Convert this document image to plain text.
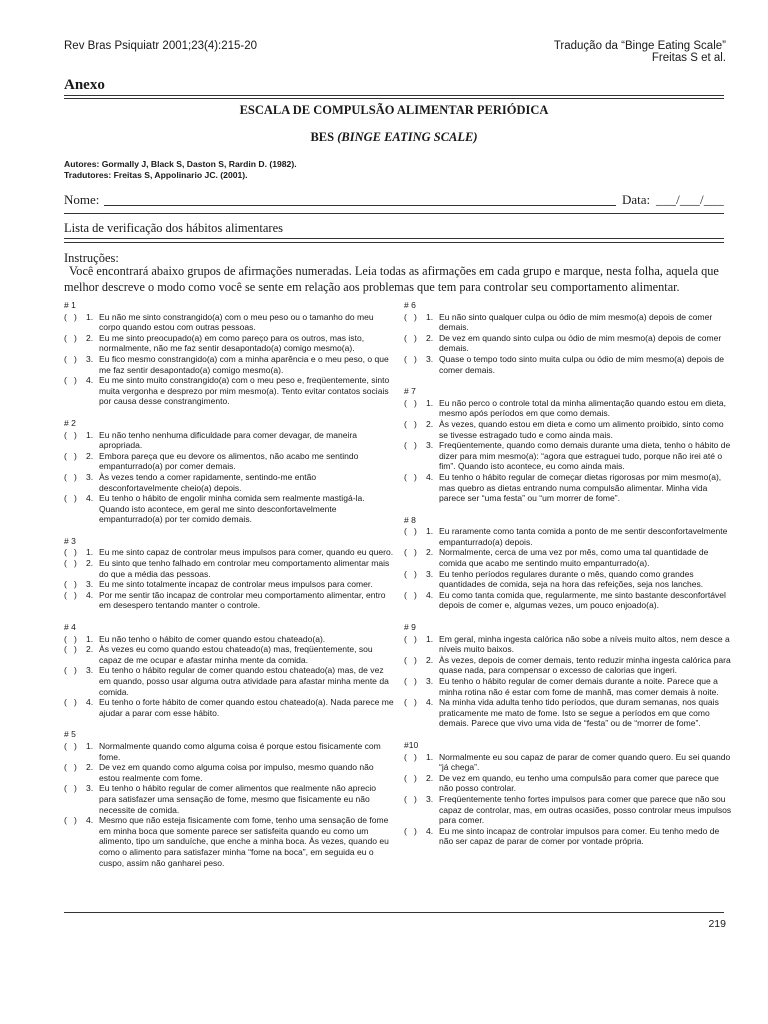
Rev Bras Psiquiatr 2001;23(4):215-20	Tradução da “Binge Eating Scale”
Freitas S et al.
Anexo
ESCALA DE COMPULSÃO ALIMENTAR PERIÓDICA
BES (BINGE EATING SCALE)
Autores: Gormally J, Black S, Daston S, Rardin D. (1982).
Tradutores: Freitas S, Appolinario JC. (2001).
Nome:	Data: ___/___/___
Lista de verificação dos hábitos alimentares
Instruções:
Você encontrará abaixo grupos de afirmações numeradas. Leia todas as afirmações em cada grupo e marque, nesta folha, aquela que melhor descreve o modo como você se sente em relação aos problemas que tem para controlar seu comportamento alimentar.
# 1
(   )	1. Eu não me sinto constrangido(a) com o meu peso ou o tamanho do meu corpo quando estou com outras pessoas.
(   )	2. Eu me sinto preocupado(a) em como pareço para os outros, mas isto, normalmente, não me faz sentir desapontado(a) comigo mesmo(a).
(   )	3. Eu fico mesmo constrangido(a) com a minha aparência e o meu peso, o que me faz sentir desapontado(a) comigo mesmo(a).
(   )	4. Eu me sinto muito constrangido(a) com o meu peso e, freqüentemente, sinto muita vergonha e desprezo por mim mesmo(a). Tento evitar contatos sociais por causa desse constrangimento.
# 2
(   )	1. Eu não tenho nenhuma dificuldade para comer devagar, de maneira apropriada.
(   )	2. Embora pareça que eu devore os alimentos, não acabo me sentindo empanturrado(a) por comer demais.
(   )	3. Às vezes tendo a comer rapidamente, sentindo-me então desconfortavelmente cheio(a) depois.
(   )	4. Eu tenho o hábito de engolir minha comida sem realmente mastigá-la. Quando isto acontece, em geral me sinto desconfortavelmente empanturrado(a) por ter comido demais.
# 3
(   )	1. Eu me sinto capaz de controlar meus impulsos para comer, quando eu quero.
(   )	2. Eu sinto que tenho falhado em controlar meu comportamento alimentar mais do que a média das pessoas.
(   )	3. Eu me sinto totalmente incapaz de controlar meus impulsos para comer.
(   )	4. Por me sentir tão incapaz de controlar meu comportamento alimentar, entro em desespero tentando manter o controle.
# 4
(   )	1. Eu não tenho o hábito de comer quando estou chateado(a).
(   )	2. Às vezes eu como quando estou chateado(a) mas, freqüentemente, sou capaz de me ocupar e afastar minha mente da comida.
(   )	3. Eu tenho o hábito regular de comer quando estou chateado(a) mas, de vez em quando, posso usar alguma outra atividade para afastar minha mente da comida.
(   )	4. Eu tenho o forte hábito de comer quando estou chateado(a). Nada parece me ajudar a parar com esse hábito.
# 5
(   )	1. Normalmente quando como alguma coisa é porque estou fisicamente com fome.
(   )	2. De vez em quando como alguma coisa por impulso, mesmo quando não estou realmente com fome.
(   )	3. Eu tenho o hábito regular de comer alimentos que realmente não aprecio para satisfazer uma sensação de fome, mesmo que fisicamente eu não necessite de comida.
(   )	4. Mesmo que não esteja fisicamente com fome, tenho uma sensação de fome em minha boca que somente parece ser satisfeita quando eu como um alimento, tipo um sanduíche, que enche a minha boca. Às vezes, quando eu como o alimento para satisfazer minha “fome na boca”, em seguida eu o cuspo, assim não ganharei peso.
# 6
(   )	1. Eu não sinto qualquer culpa ou ódio de mim mesmo(a) depois de comer demais.
(   )	2. De vez em quando sinto culpa ou ódio de mim mesmo(a) depois de comer demais.
(   )	3. Quase o tempo todo sinto muita culpa ou ódio de mim mesmo(a) depois de comer demais.
# 7
(   )	1. Eu não perco o controle total da minha alimentação quando estou em dieta, mesmo após períodos em que como demais.
(   )	2. Às vezes, quando estou em dieta e como um alimento proibido, sinto como se tivesse estragado tudo e como ainda mais.
(   )	3. Freqüentemente, quando como demais durante uma dieta, tenho o hábito de dizer para mim mesmo(a): “agora que estraguei tudo, porque não irei até o fim”. Quando isto acontece, eu como ainda mais.
(   )	4. Eu tenho o hábito regular de começar dietas rigorosas por mim mesmo(a), mas quebro as dietas entrando numa compulsão alimentar. Minha vida parece ser “uma festa” ou “um morrer de fome”.
# 8
(   )	1. Eu raramente como tanta comida a ponto de me sentir desconfortavelmente empanturrado(a) depois.
(   )	2. Normalmente, cerca de uma vez por mês, como uma tal quantidade de comida que acabo me sentindo muito empanturrado(a).
(   )	3. Eu tenho períodos regulares durante o mês, quando como grandes quantidades de comida, seja na hora das refeições, seja nos lanches.
(   )	4. Eu como tanta comida que, regularmente, me sinto bastante desconfortável depois de comer e, algumas vezes, um pouco enjoado(a).
# 9
(   )	1. Em geral, minha ingesta calórica não sobe a níveis muito altos, nem desce a níveis muito baixos.
(   )	2. Às vezes, depois de comer demais, tento reduzir minha ingesta calórica para quase nada, para compensar o excesso de calorias que ingeri.
(   )	3. Eu tenho o hábito regular de comer demais durante a noite. Parece que a minha rotina não é estar com fome de manhã, mas comer demais à noite.
(   )	4. Na minha vida adulta tenho tido períodos, que duram semanas, nos quais praticamente me mato de fome. Isto se segue a períodos em que como demais. Parece que vivo uma vida de “festa” ou de “morrer de fome”.
#10
(   )	1. Normalmente eu sou capaz de parar de comer quando quero. Eu sei quando “já chega”.
(   )	2. De vez em quando, eu tenho uma compulsão para comer que parece que não posso controlar.
(   )	3. Freqüentemente tenho fortes impulsos para comer que parece que não sou capaz de controlar, mas, em outras ocasiões, posso controlar meus impulsos para comer.
(   )	4. Eu me sinto incapaz de controlar impulsos para comer. Eu tenho medo de não ser capaz de parar de comer por vontade própria.
219
